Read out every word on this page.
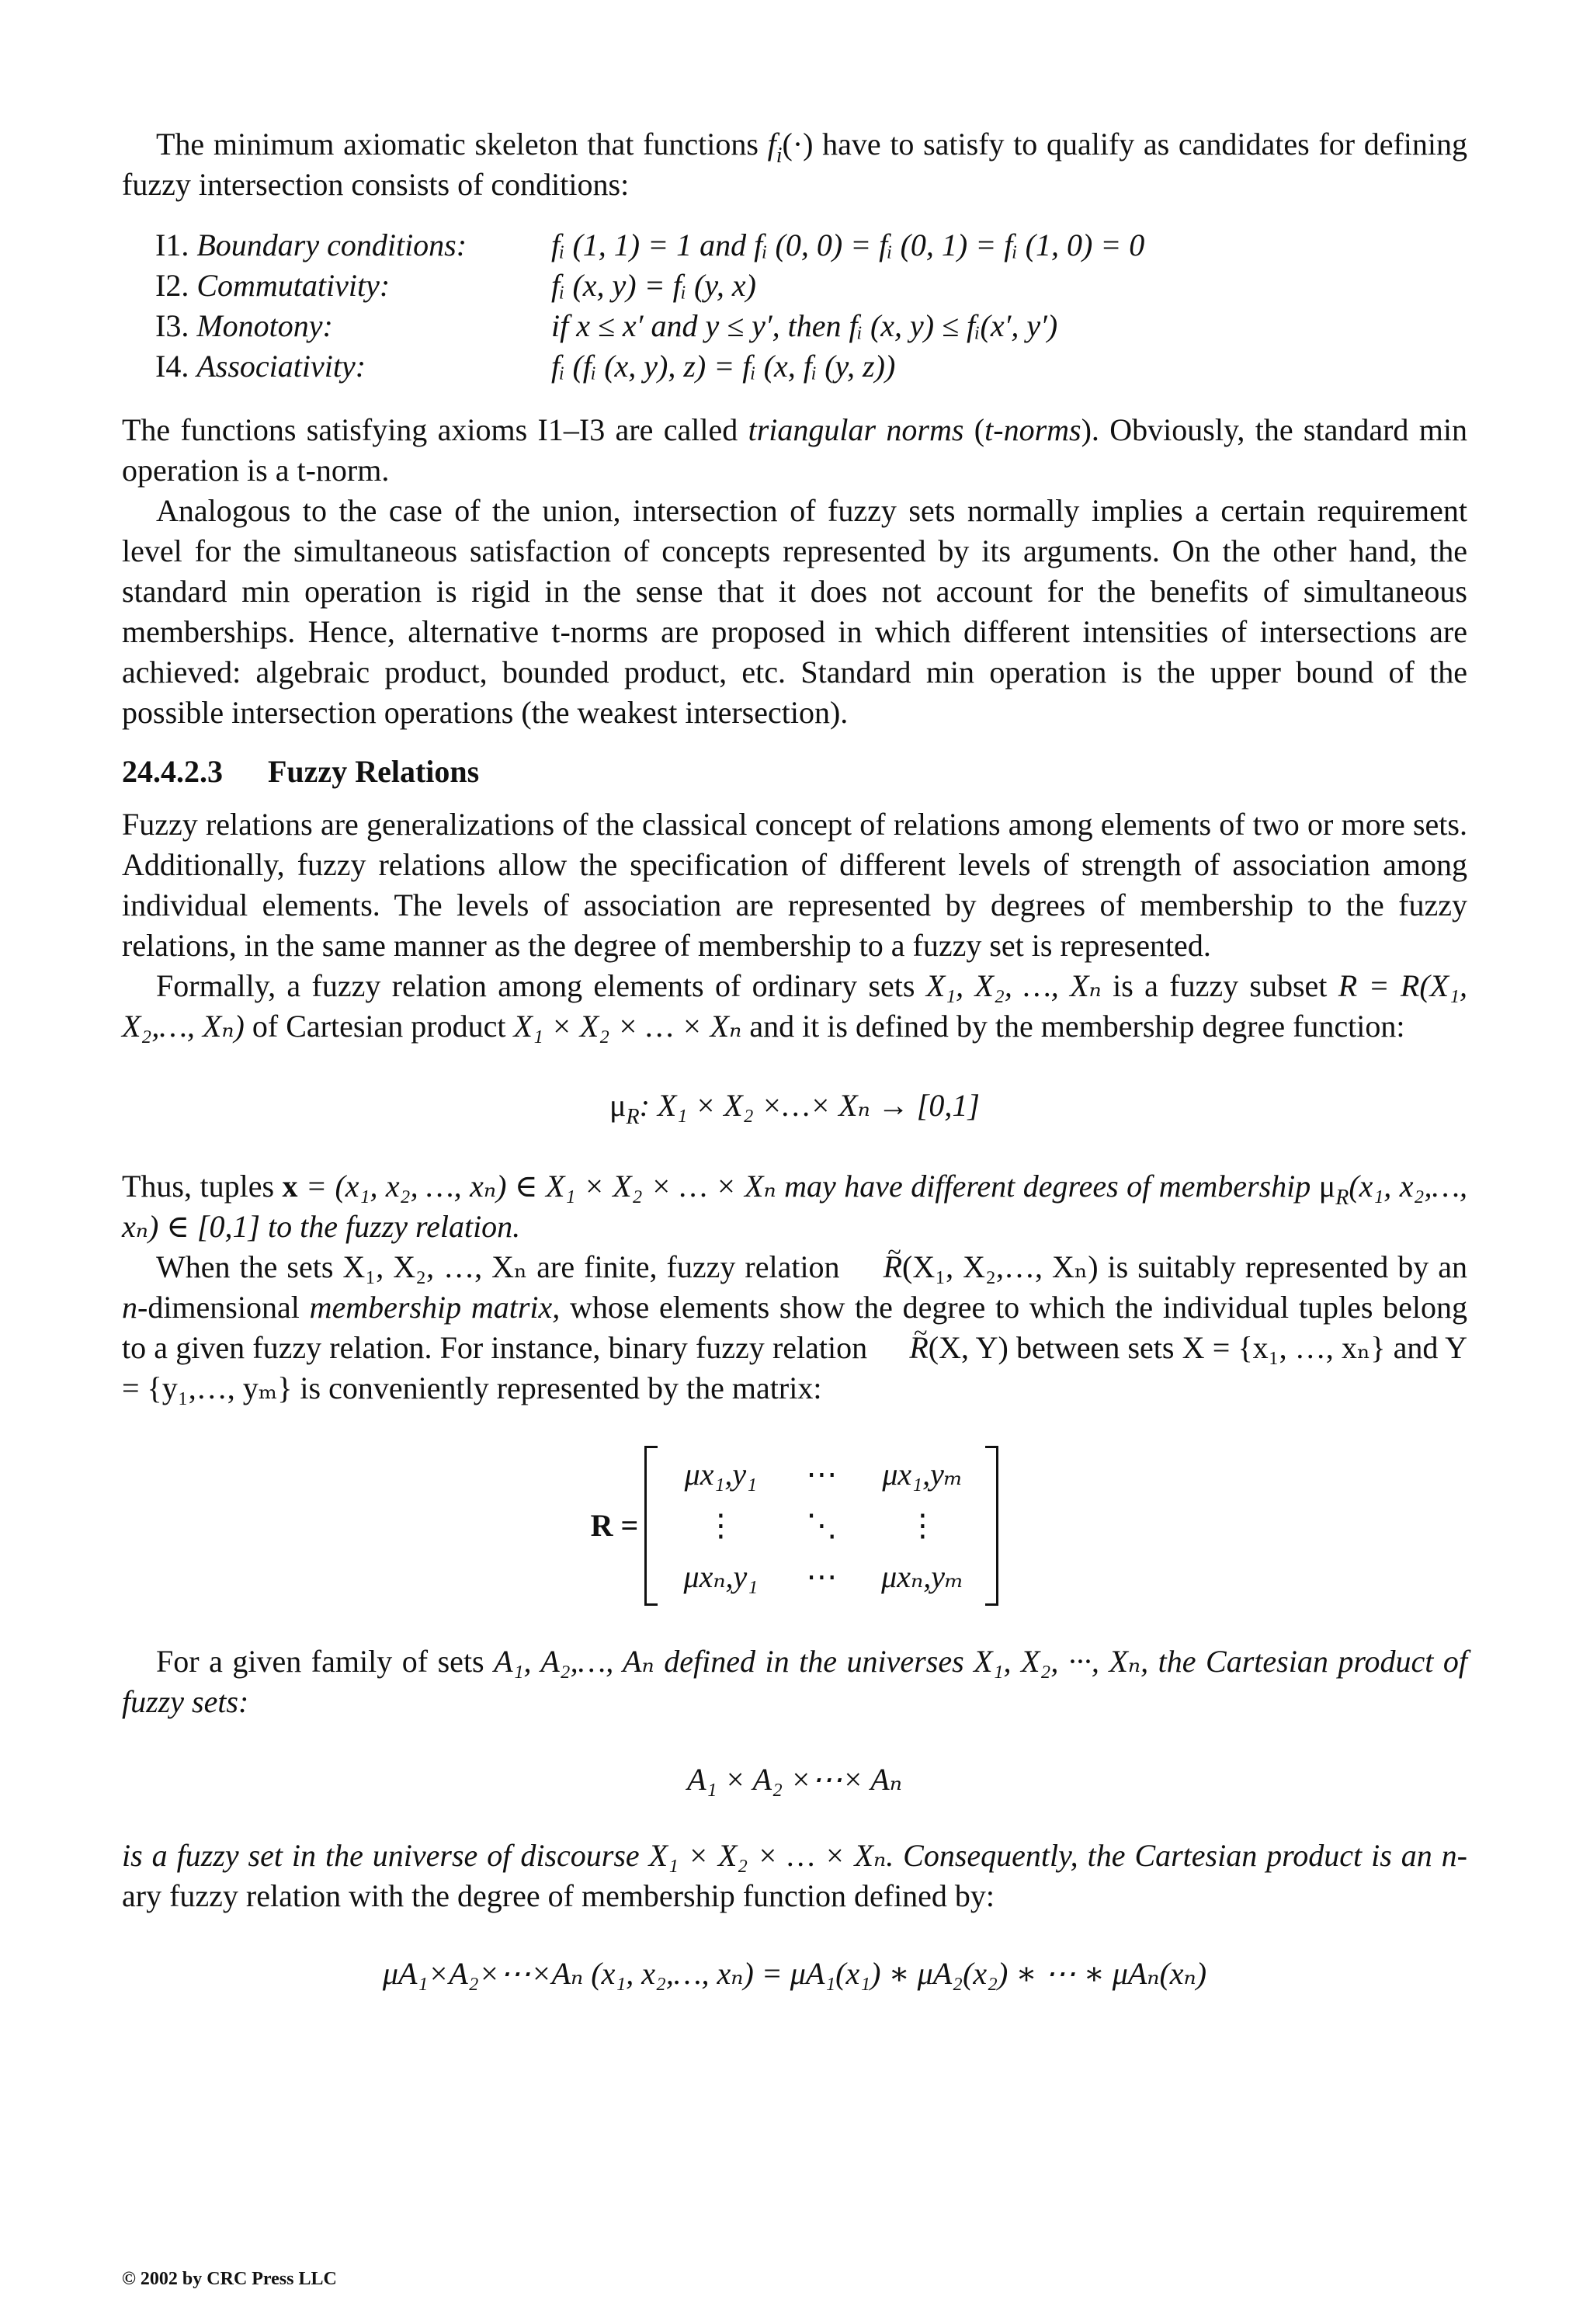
The minimum axiomatic skeleton that functions $f_i(\cdot)$ have to satisfy to qualify as candidates for defining fuzzy intersection consists of conditions:

I1. Boundary conditions:	fᵢ (1, 1) = 1 and fᵢ (0, 0) = fᵢ (0, 1) = fᵢ (1, 0) = 0
I2. Commutativity:	fᵢ (x, y) = fᵢ (y, x)
I3. Monotony:	if x ≤ x′ and y ≤ y′, then fᵢ (x, y) ≤ fᵢ(x′, y′)
I4. Associativity:	fᵢ (fᵢ (x, y), z) = fᵢ (x, fᵢ (y, z))

The functions satisfying axioms I1–I3 are called triangular norms (t-norms). Obviously, the standard min operation is a t-norm.

Analogous to the case of the union, intersection of fuzzy sets normally implies a certain requirement level for the simultaneous satisfaction of concepts represented by its arguments. On the other hand, the standard min operation is rigid in the sense that it does not account for the benefits of simultaneous memberships. Hence, alternative t-norms are proposed in which different intensities of intersections are achieved: algebraic product, bounded product, etc. Standard min operation is the upper bound of the possible intersection operations (the weakest intersection).

24.4.2.3 Fuzzy Relations

Fuzzy relations are generalizations of the classical concept of relations among elements of two or more sets. Additionally, fuzzy relations allow the specification of different levels of strength of association among individual elements. The levels of association are represented by degrees of membership to the fuzzy relations, in the same manner as the degree of membership to a fuzzy set is represented.

Formally, a fuzzy relation among elements of ordinary sets X₁, X₂, …, Xₙ is a fuzzy subset R = R(X₁, X₂,…, Xₙ) of Cartesian product X₁ × X₂ × … × Xₙ and it is defined by the membership degree function:

$\mu_R$: X₁ × X₂ ×…× Xₙ → [0,1]

Thus, tuples x = (x₁, x₂, …, xₙ) ∈ X₁ × X₂ × … × Xₙ may have different degrees of membership $\mu_R(x_1$, x₂,…, xₙ) ∈ [0,1] to the fuzzy relation.

When the sets X₁, X₂, …, Xₙ are finite, fuzzy relation ~ R(X₁, X₂,…, Xₙ) is suitably represented by an n-dimensional membership matrix, whose elements show the degree to which the individual tuples belong to a given fuzzy relation. For instance, binary fuzzy relation ~ R(X, Y) between sets X = {x₁, …, xₙ} and Y = {y₁,…, yₘ} is conveniently represented by the matrix:

R =
μx₁,y₁ ⋯ μx₁,yₘ
⋮ ⋱ ⋮
μxₙ,y₁ ⋯ μxₙ,yₘ

For a given family of sets A₁, A₂,…, Aₙ defined in the universes X₁, X₂, ···, Xₙ, the Cartesian product of fuzzy sets:

A₁ × A₂ ×⋯× Aₙ

is a fuzzy set in the universe of discourse X₁ × X₂ × … × Xₙ. Consequently, the Cartesian product is an n-ary fuzzy relation with the degree of membership function defined by:

μA₁×A₂×⋯×Aₙ (x₁, x₂,…, xₙ) = μA₁(x₁) ∗ μA₂(x₂) ∗ ⋯ ∗ μAₙ(xₙ)
© 2002 by CRC Press LLC
